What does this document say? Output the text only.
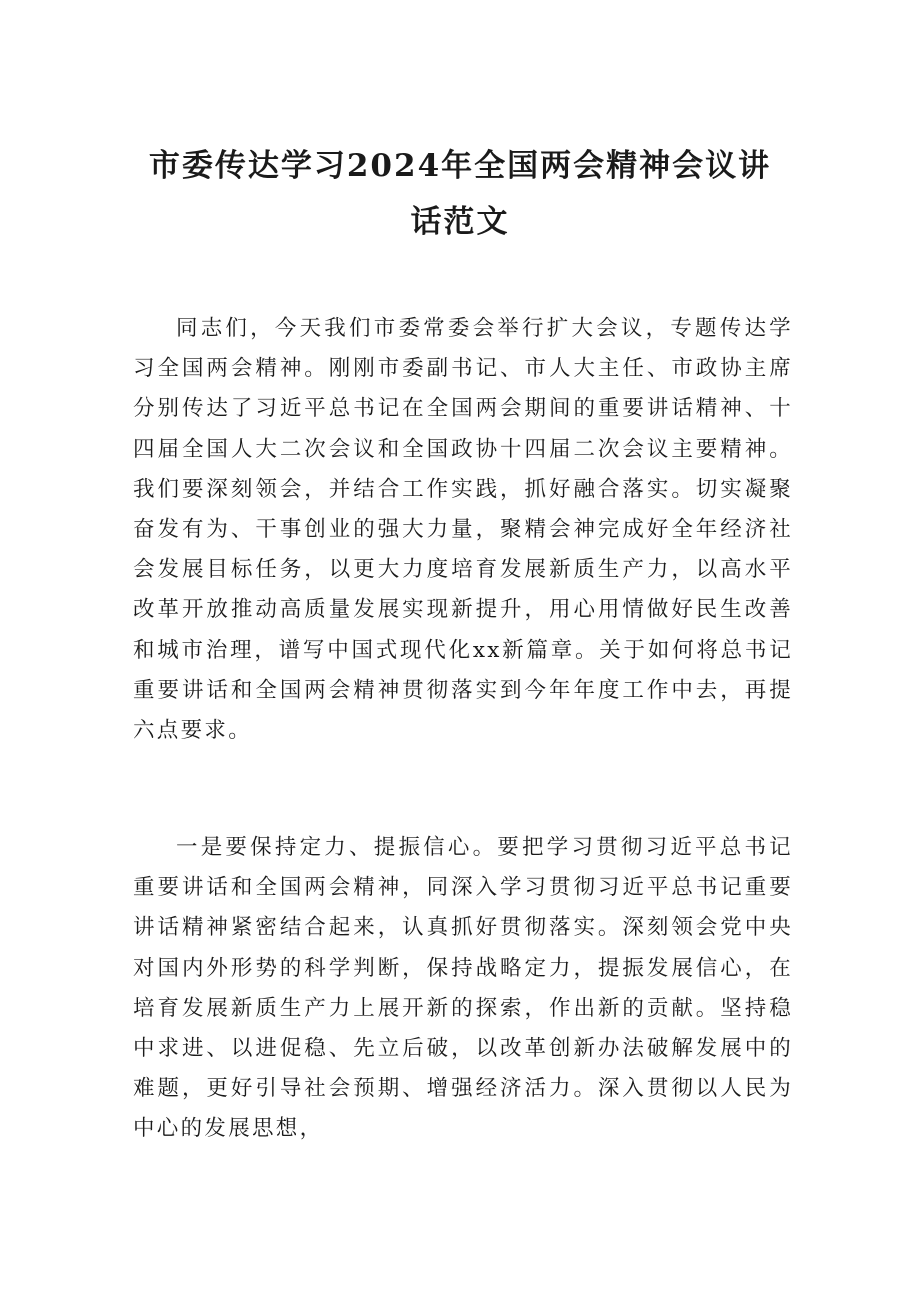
市委传达学习2024年全国两会精神会议讲
话范文

同志们，今天我们市委常委会举行扩大会议，专题传达学习全国两会精神。刚刚市委副书记、市人大主任、市政协主席分别传达了习近平总书记在全国两会期间的重要讲话精神、十四届全国人大二次会议和全国政协十四届二次会议主要精神。我们要深刻领会，并结合工作实践，抓好融合落实。切实凝聚奋发有为、干事创业的强大力量，聚精会神完成好全年经济社会发展目标任务，以更大力度培育发展新质生产力，以高水平改革开放推动高质量发展实现新提升，用心用情做好民生改善和城市治理，谱写中国式现代化xx新篇章。关于如何将总书记重要讲话和全国两会精神贯彻落实到今年年度工作中去，再提六点要求。

一是要保持定力、提振信心。要把学习贯彻习近平总书记重要讲话和全国两会精神，同深入学习贯彻习近平总书记重要讲话精神紧密结合起来，认真抓好贯彻落实。深刻领会党中央对国内外形势的科学判断，保持战略定力，提振发展信心，在培育发展新质生产力上展开新的探索，作出新的贡献。坚持稳中求进、以进促稳、先立后破，以改革创新办法破解发展中的难题，更好引导社会预期、增强经济活力。深入贯彻以人民为中心的发展思想，
